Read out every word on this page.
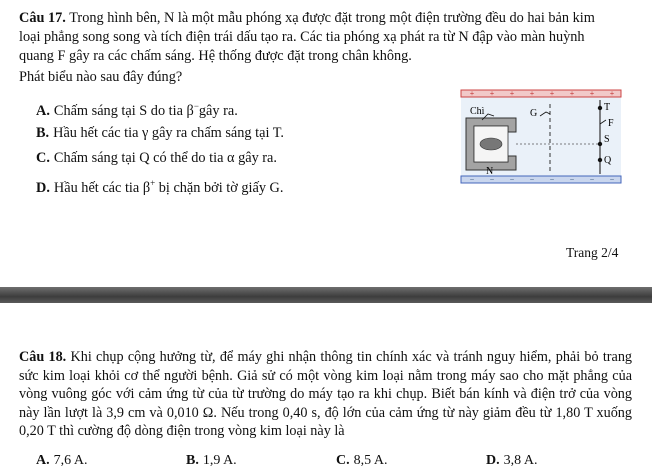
Câu 17. Trong hình bên, N là một mẫu phóng xạ được đặt trong một điện trường đều do hai bản kim

loại phẳng song song và tích điện trái dấu tạo ra. Các tia phóng xạ phát ra từ N đập vào màn huỳnh

quang F gây ra các chấm sáng. Hệ thống được đặt trong chân không.

Phát biểu nào sau đây đúng?
A. Chấm sáng tại S do tia β−gây ra.
B. Hầu hết các tia γ gây ra chấm sáng tại T.
C. Chấm sáng tại Q có thể do tia α gây ra.
D. Hầu hết các tia β+ bị chặn bởi tờ giấy G.
+ + + + + + + +
− − − − − − − −
Chì	G
T
F
S
N
Q
Trang 2/4
Câu 18. Khi chụp cộng hưởng từ, để máy ghi nhận thông tin chính xác và tránh nguy hiểm, phải bỏ trang sức kim loại khỏi cơ thể người bệnh. Giả sử có một vòng kim loại nằm trong máy sao cho mặt phẳng của vòng vuông góc với cảm ứng từ của từ trường do máy tạo ra khi chụp. Biết bán kính và điện trở của vòng này lần lượt là 3,9 cm và 0,010 Ω. Nếu trong 0,40 s, độ lớn của cảm ứng từ này giảm đều từ 1,80 T xuống 0,20 T thì cường độ dòng điện trong vòng kim loại này là
A. 7,6 A.	B. 1,9 A.	C. 8,5 A.	D. 3,8 A.
